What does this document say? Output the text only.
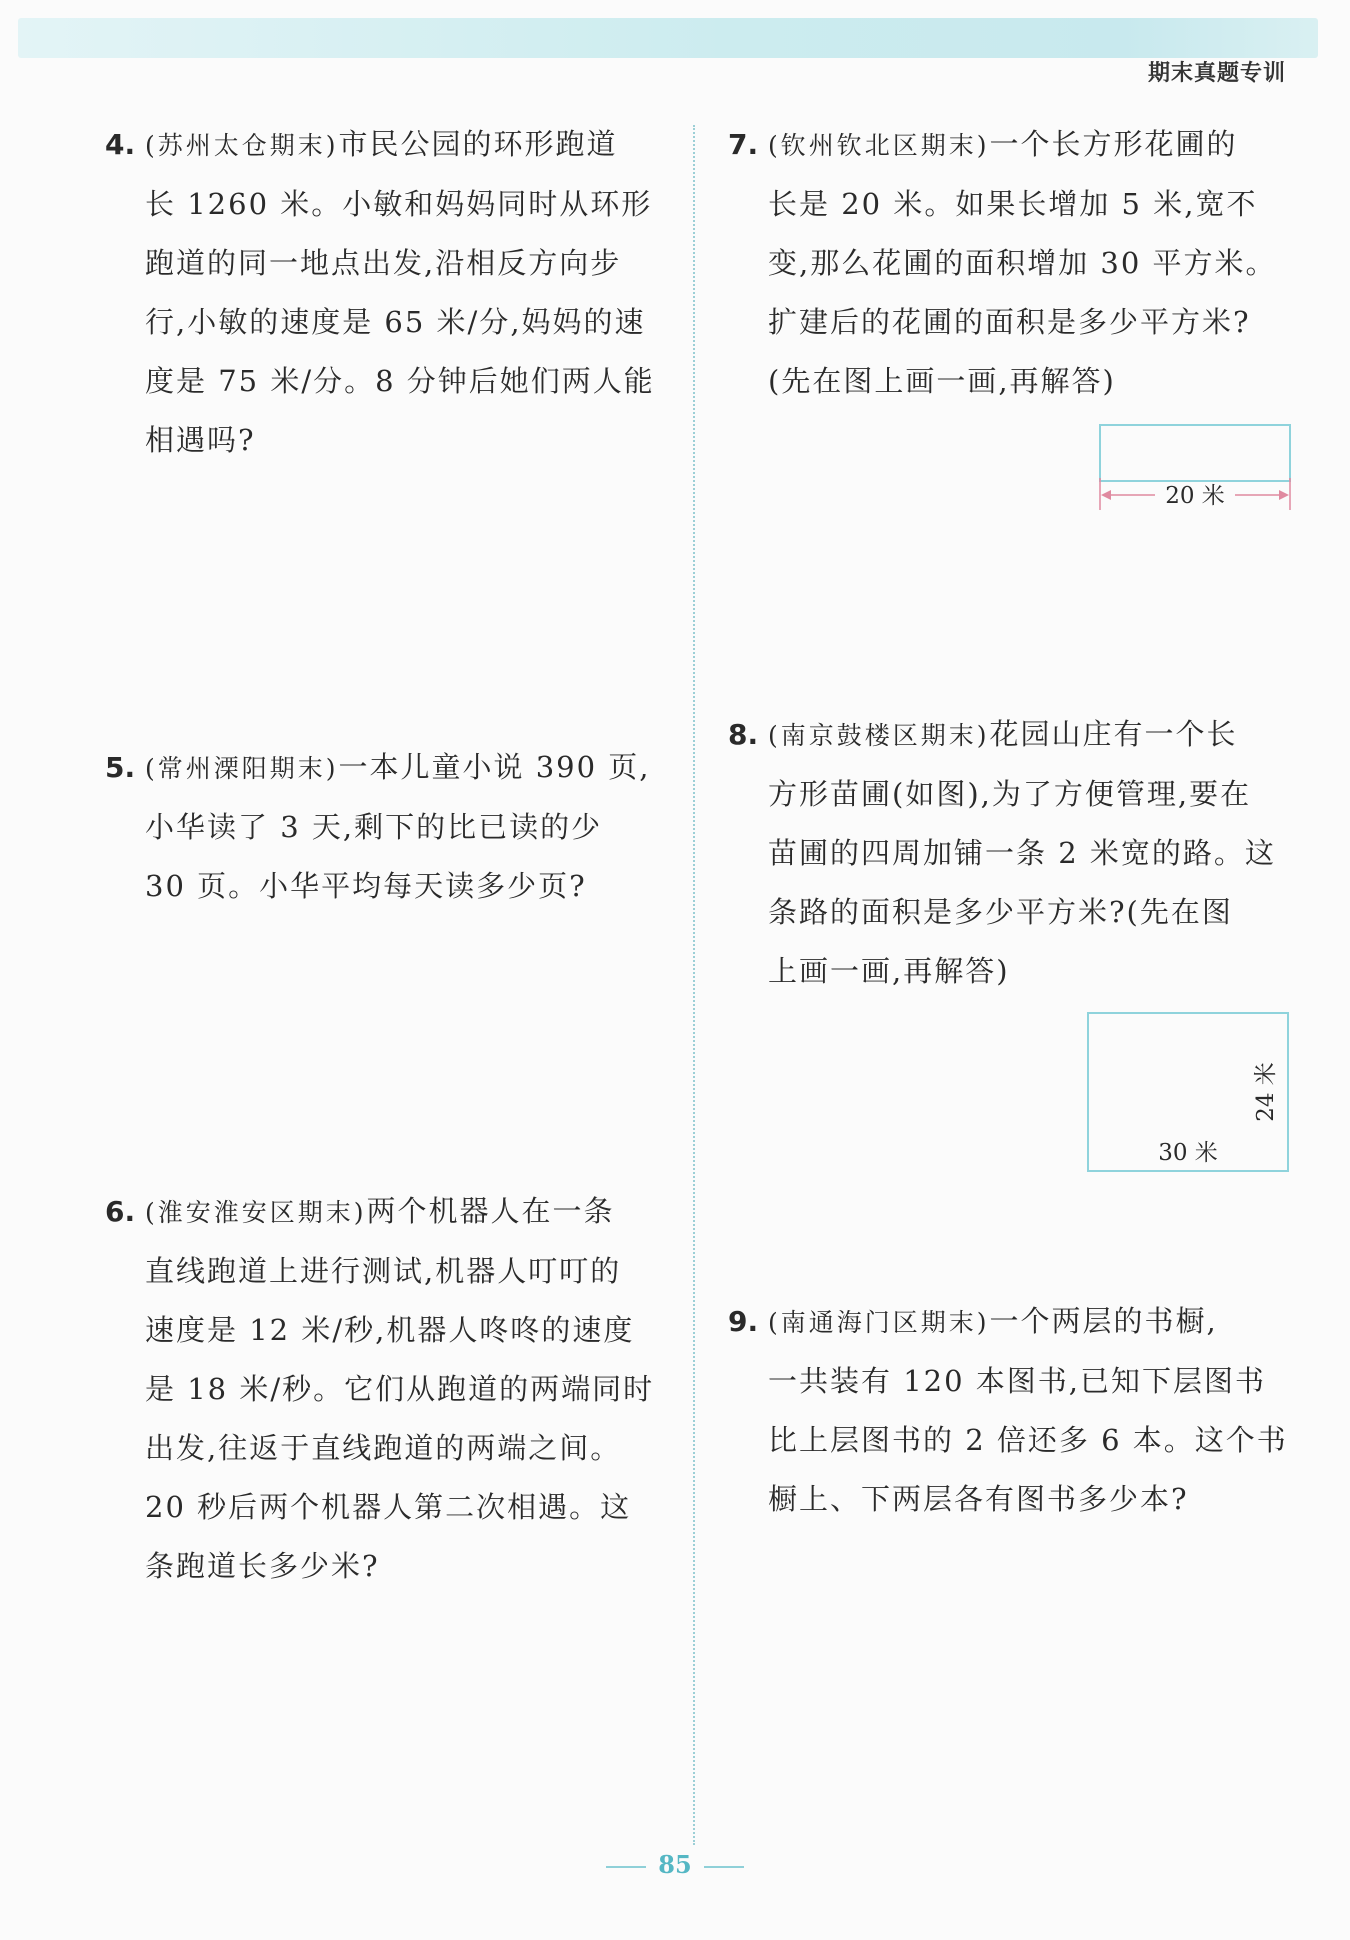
期末真题专训
4. (苏州太仓期末)市民公园的环形跑道
长 1260 米。小敏和妈妈同时从环形
跑道的同一地点出发,沿相反方向步
行,小敏的速度是 65 米/分,妈妈的速
度是 75 米/分。8 分钟后她们两人能
相遇吗?
5. (常州溧阳期末)一本儿童小说 390 页,
小华读了 3 天,剩下的比已读的少
30 页。小华平均每天读多少页?
6. (淮安淮安区期末)两个机器人在一条
直线跑道上进行测试,机器人叮叮的
速度是 12 米/秒,机器人咚咚的速度
是 18 米/秒。它们从跑道的两端同时
出发,往返于直线跑道的两端之间。
20 秒后两个机器人第二次相遇。这
条跑道长多少米?
7. (钦州钦北区期末)一个长方形花圃的
长是 20 米。如果长增加 5 米,宽不
变,那么花圃的面积增加 30 平方米。
扩建后的花圃的面积是多少平方米?
(先在图上画一画,再解答)
20 米
8. (南京鼓楼区期末)花园山庄有一个长
方形苗圃(如图),为了方便管理,要在
苗圃的四周加铺一条 2 米宽的路。这
条路的面积是多少平方米?(先在图
上画一画,再解答)
30 米
24 米
9. (南通海门区期末)一个两层的书橱,
一共装有 120 本图书,已知下层图书
比上层图书的 2 倍还多 6 本。这个书
橱上、下两层各有图书多少本?
85
